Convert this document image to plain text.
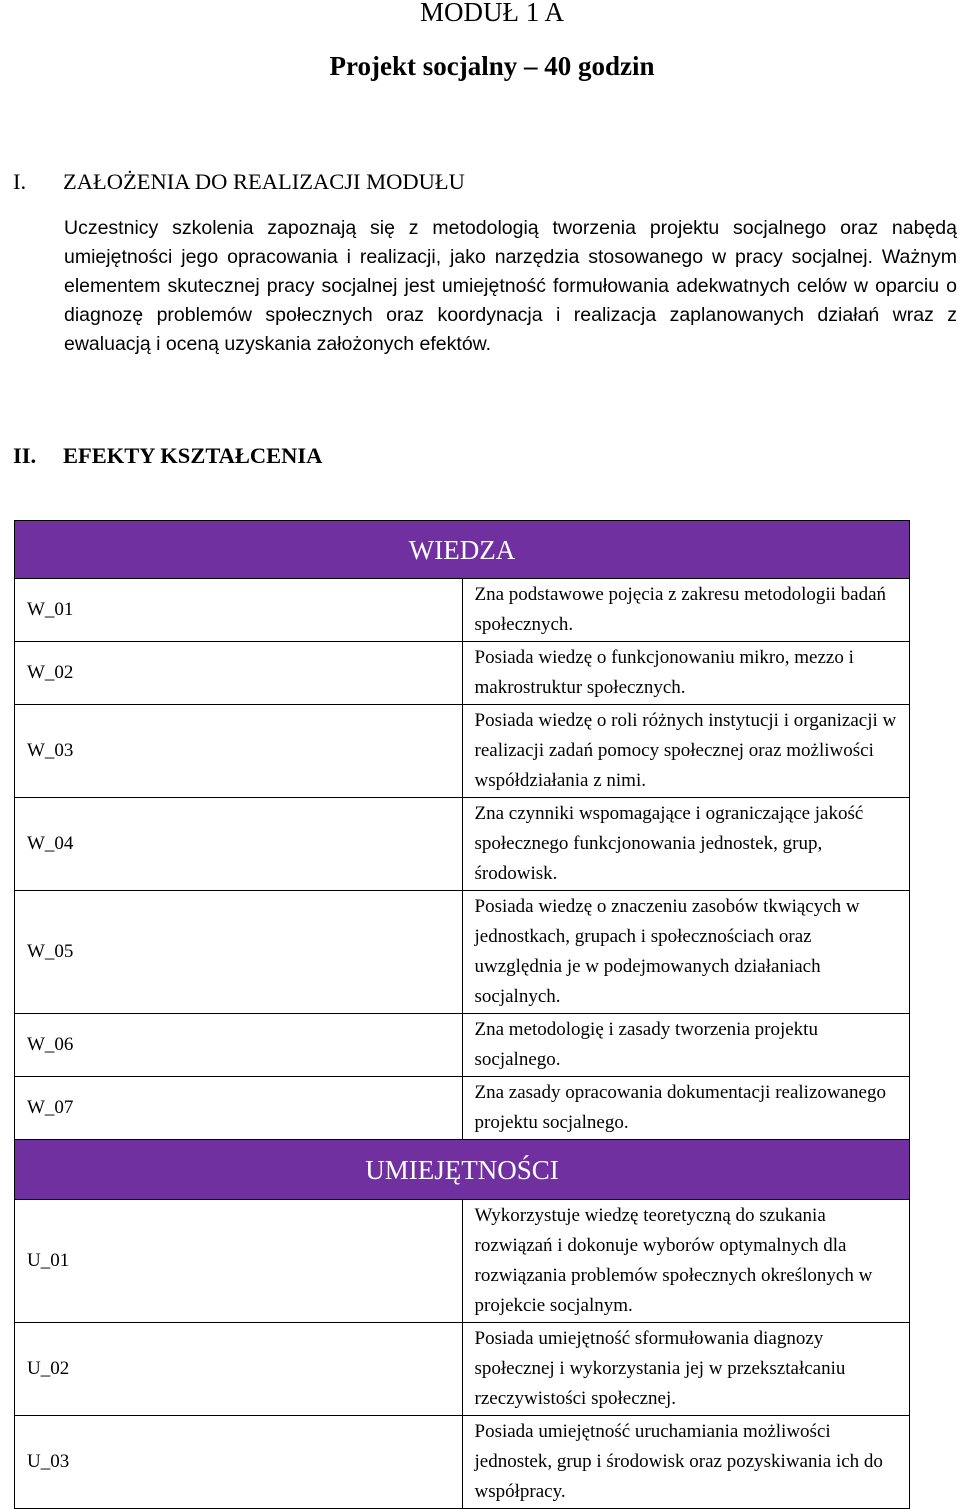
MODUŁ 1 A
Projekt socjalny – 40 godzin
I. ZAŁOŻENIA DO REALIZACJI MODUŁU

Uczestnicy szkolenia zapoznają się z metodologią tworzenia projektu socjalnego oraz nabędą umiejętności jego opracowania i realizacji, jako narzędzia stosowanego w pracy socjalnej. Ważnym elementem skutecznej pracy socjalnej jest umiejętność formułowania adekwatnych celów w oparciu o diagnozę problemów społecznych oraz koordynacja i realizacja zaplanowanych działań wraz z ewaluacją i oceną uzyskania założonych efektów.

II. EFEKTY KSZTAŁCENIA
WIEDZA	
W_01	Zna podstawowe pojęcia z zakresu metodologii badań społecznych.
W_02	Posiada wiedzę o funkcjonowaniu mikro, mezzo i makrostruktur społecznych.
W_03	Posiada wiedzę o roli różnych instytucji i organizacji w realizacji zadań pomocy społecznej oraz możliwości współdziałania z nimi.
W_04	Zna czynniki wspomagające i ograniczające jakość społecznego funkcjonowania jednostek, grup, środowisk.
W_05	Posiada wiedzę o znaczeniu zasobów tkwiących w jednostkach, grupach i społecznościach oraz uwzględnia je w podejmowanych działaniach socjalnych.
W_06	Zna metodologię i zasady tworzenia projektu socjalnego.
W_07	Zna zasady opracowania dokumentacji realizowanego projektu socjalnego.
UMIEJĘTNOŚCI	
U_01	Wykorzystuje wiedzę teoretyczną do szukania rozwiązań i dokonuje wyborów optymalnych dla rozwiązania problemów społecznych określonych w projekcie socjalnym.
U_02	Posiada umiejętność sformułowania diagnozy społecznej i wykorzystania jej w przekształcaniu rzeczywistości społecznej.
U_03	Posiada umiejętność uruchamiania możliwości jednostek, grup i środowisk oraz pozyskiwania ich do współpracy.
